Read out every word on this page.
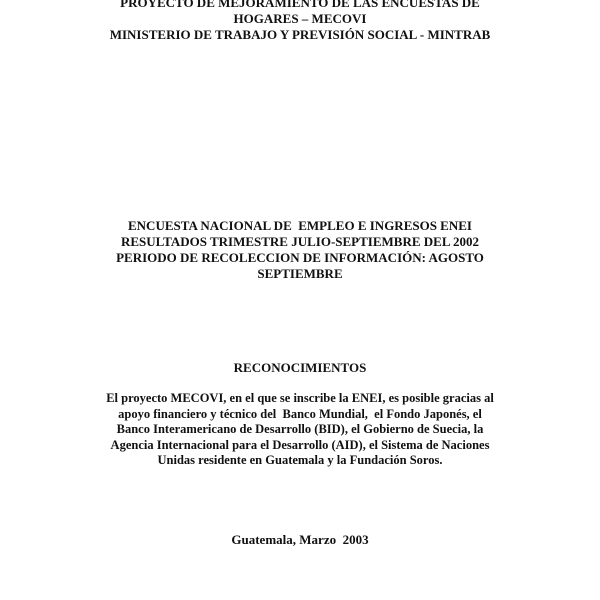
PROYECTO DE MEJORAMIENTO DE LAS ENCUESTAS DE
HOGARES – MECOVI
MINISTERIO DE TRABAJO Y PREVISIÓN SOCIAL - MINTRAB
ENCUESTA NACIONAL DE  EMPLEO E INGRESOS ENEI
RESULTADOS TRIMESTRE JULIO-SEPTIEMBRE DEL 2002
PERIODO DE RECOLECCION DE INFORMACIÓN: AGOSTO
SEPTIEMBRE
RECONOCIMIENTOS
El proyecto MECOVI, en el que se inscribe la ENEI, es posible gracias al
apoyo financiero y técnico del  Banco Mundial,  el Fondo Japonés, el
Banco Interamericano de Desarrollo (BID), el Gobierno de Suecia, la
Agencia Internacional para el Desarrollo (AID), el Sistema de Naciones
Unidas residente en Guatemala y la Fundación Soros.
Guatemala, Marzo  2003
